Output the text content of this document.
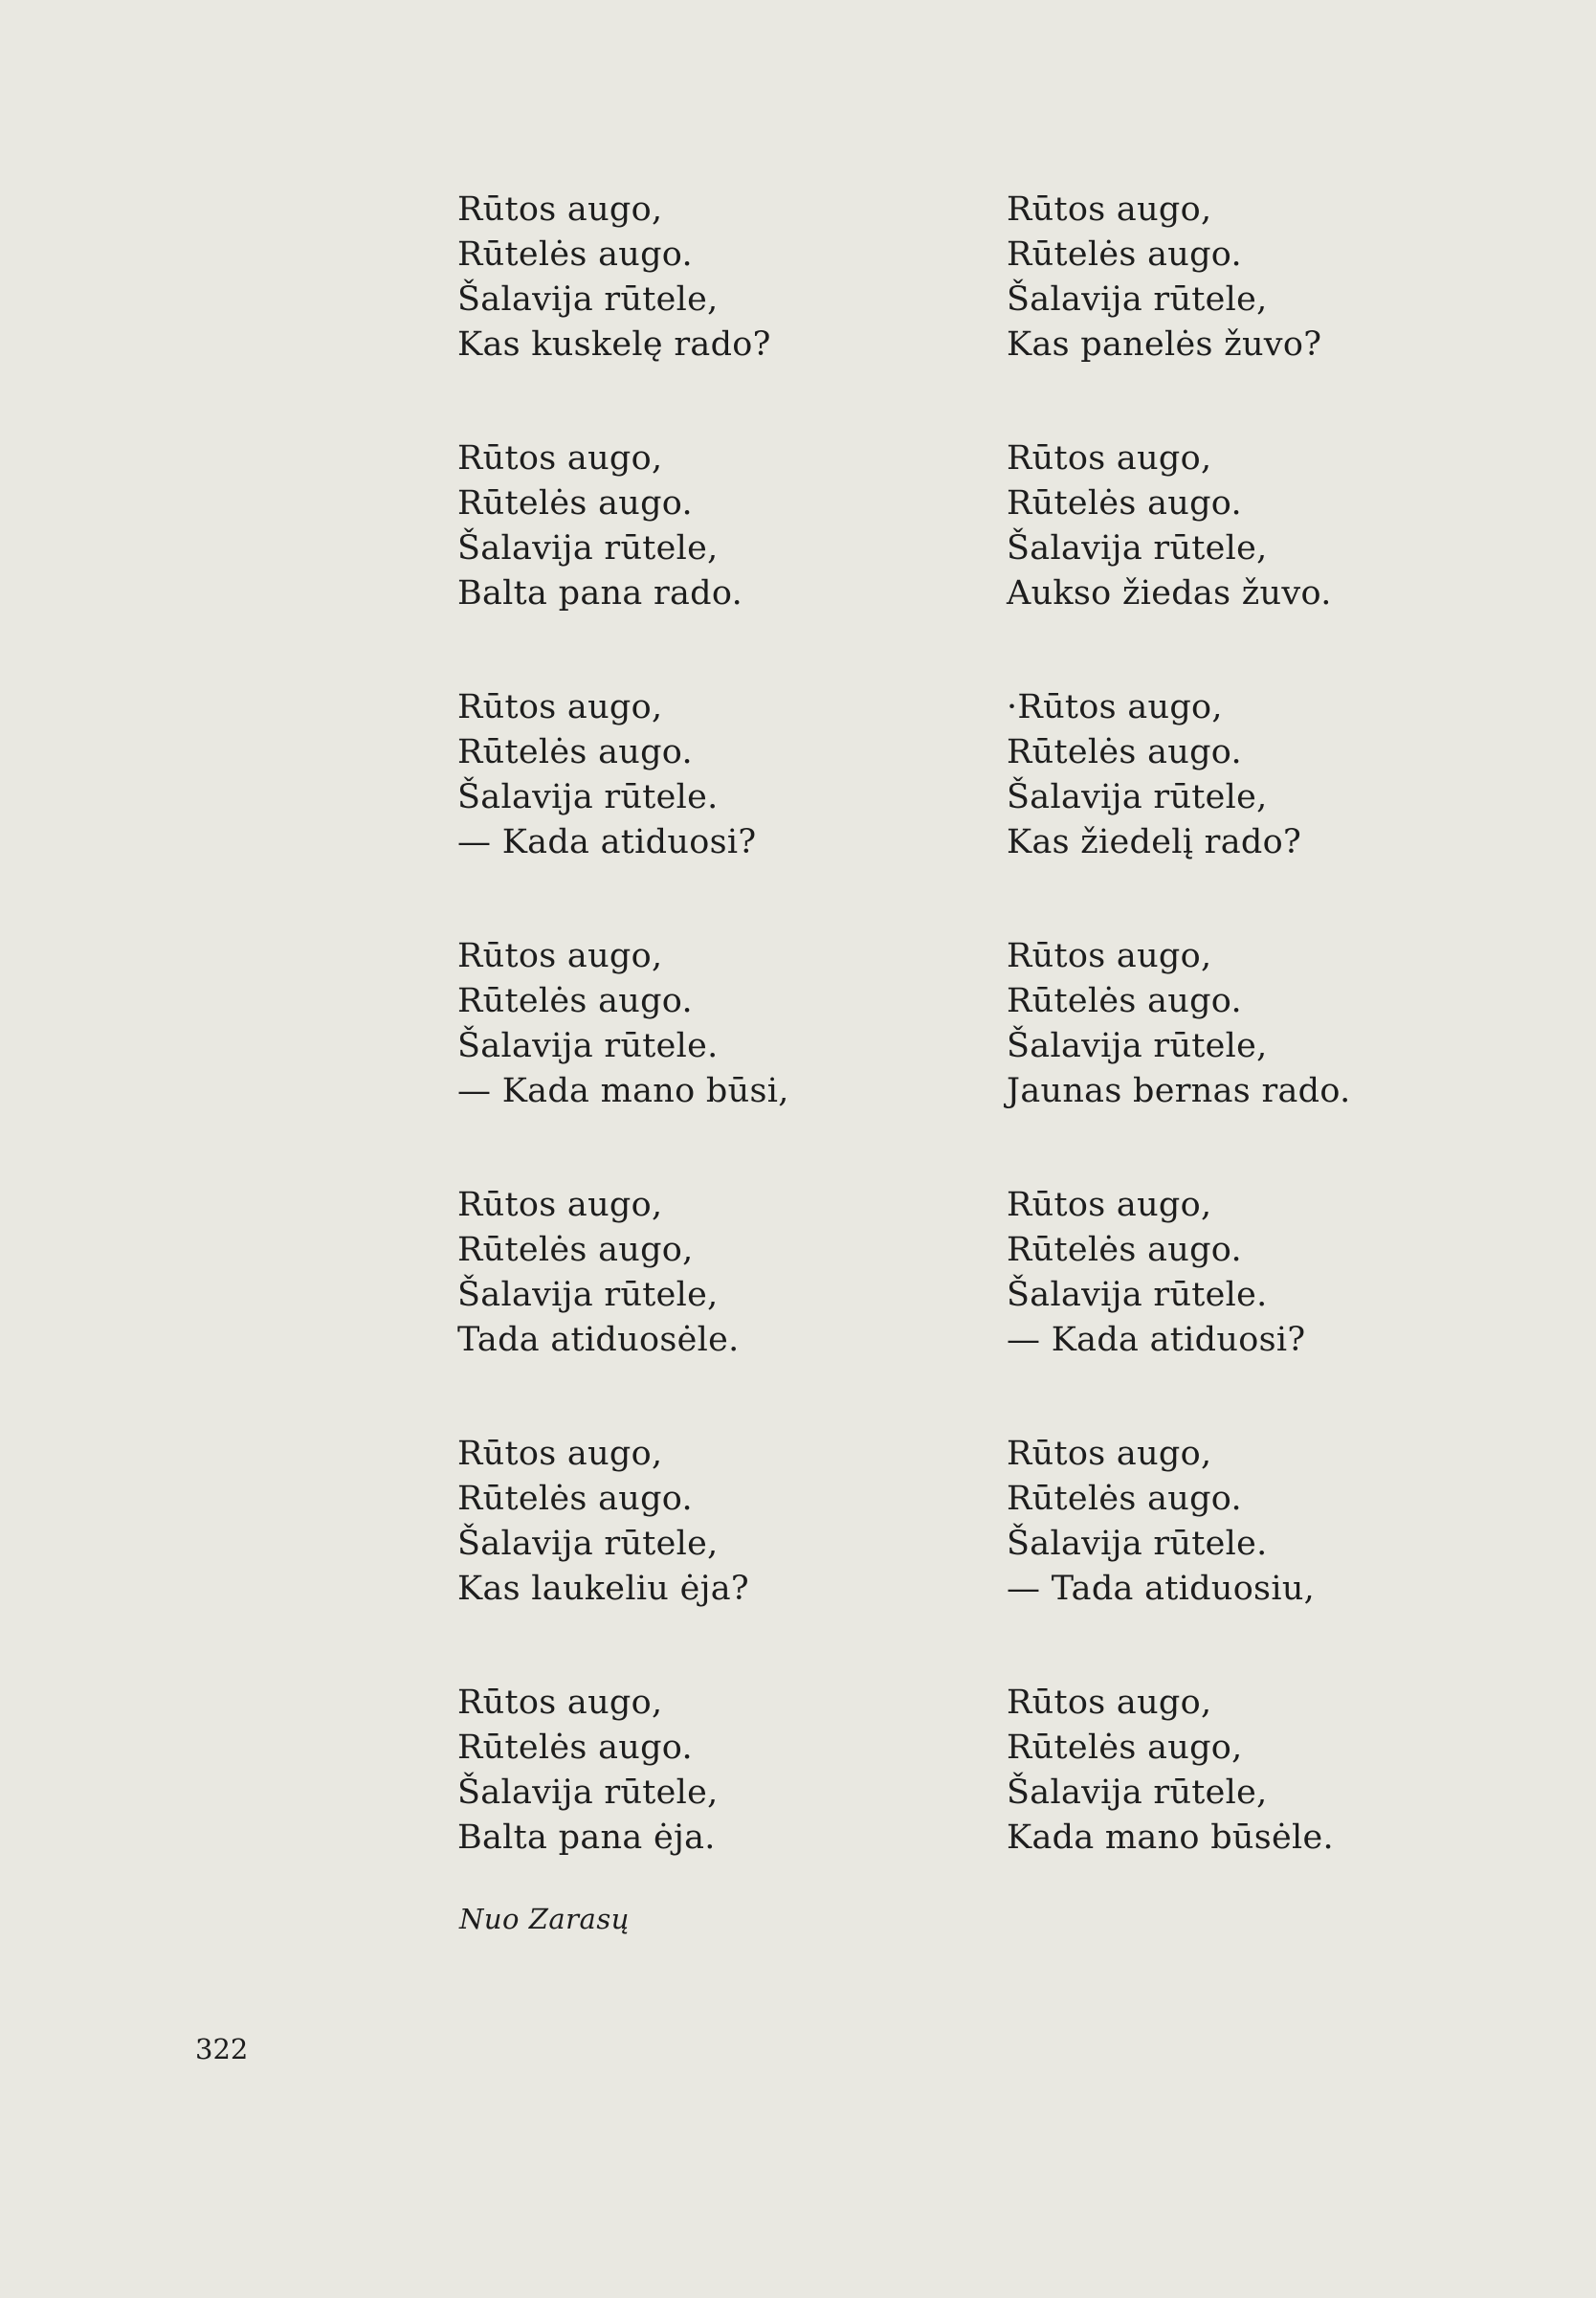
Rūtos augo,
Rūtelės augo.
Šalavija rūtele,
Kas kuskelę rado?
Rūtos augo,
Rūtelės augo.
Šalavija rūtele,
Balta pana rado.
Rūtos augo,
Rūtelės augo.
Šalavija rūtele.
— Kada atiduosi?
Rūtos augo,
Rūtelės augo.
Šalavija rūtele.
— Kada mano būsi,
Rūtos augo,
Rūtelės augo,
Šalavija rūtele,
Tada atiduosėle.
Rūtos augo,
Rūtelės augo.
Šalavija rūtele,
Kas laukeliu ėja?
Rūtos augo,
Rūtelės augo.
Šalavija rūtele,
Balta pana ėja.
Rūtos augo,
Rūtelės augo.
Šalavija rūtele,
Kas panelės žuvo?
Rūtos augo,
Rūtelės augo.
Šalavija rūtele,
Aukso žiedas žuvo.
·Rūtos augo,
Rūtelės augo.
Šalavija rūtele,
Kas žiedelį rado?
Rūtos augo,
Rūtelės augo.
Šalavija rūtele,
Jaunas bernas rado.
Rūtos augo,
Rūtelės augo.
Šalavija rūtele.
— Kada atiduosi?
Rūtos augo,
Rūtelės augo.
Šalavija rūtele.
— Tada atiduosiu,
Rūtos augo,
Rūtelės augo,
Šalavija rūtele,
Kada mano būsėle.
Nuo Zarasų
322
